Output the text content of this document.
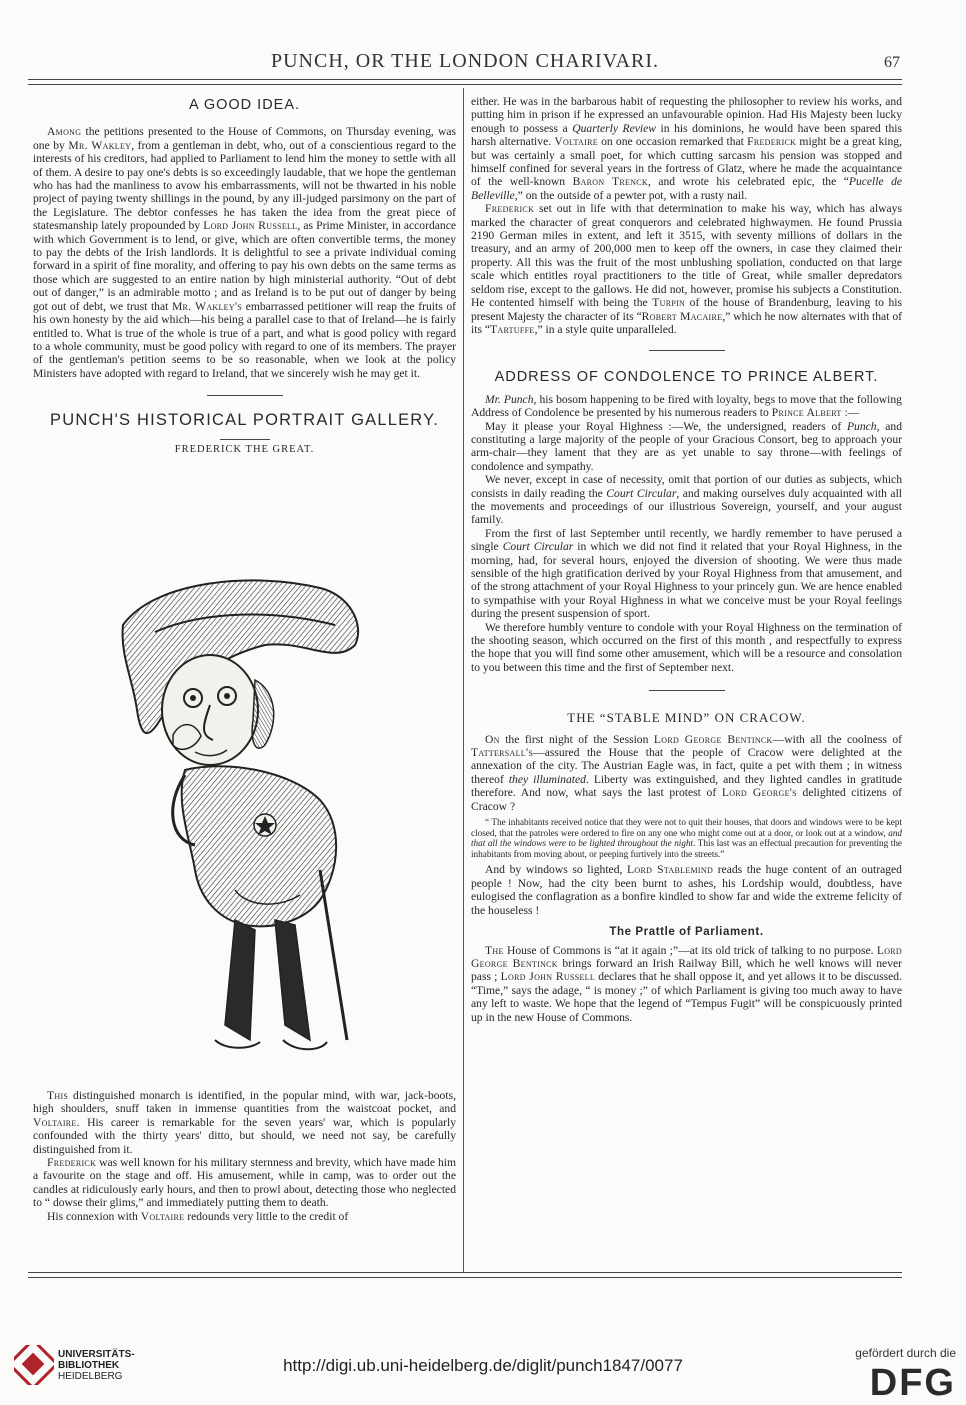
PUNCH, OR THE LONDON CHARIVARI.	67
A GOOD IDEA.

Among the petitions presented to the House of Commons, on Thursday evening, was one by Mr. Wakley, from a gentleman in debt, who, out of a conscientious regard to the interests of his creditors, had applied to Parliament to lend him the money to settle with all of them. A desire to pay one's debts is so exceedingly laudable, that we hope the gentleman who has had the manliness to avow his embarrassments, will not be thwarted in his noble project of paying twenty shillings in the pound, by any ill-judged parsimony on the part of the Legislature. The debtor confesses he has taken the idea from the great piece of statesmanship lately propounded by Lord John Russell, as Prime Minister, in accordance with which Government is to lend, or give, which are often convertible terms, the money to pay the debts of the Irish landlords. It is delightful to see a private individual coming forward in a spirit of fine morality, and offering to pay his own debts on the same terms as those which are suggested to an entire nation by high ministerial authority. “Out of debt out of danger,” is an admirable motto ; and as Ireland is to be put out of danger by being got out of debt, we trust that Mr. Wakley's embarrassed petitioner will reap the fruits of his own honesty by the aid which—his being a parallel case to that of Ireland—he is fairly entitled to. What is true of the whole is true of a part, and what is good policy with regard to a whole community, must be good policy with regard to one of its members. The prayer of the gentleman's petition seems to be so reasonable, when we look at the policy Ministers have adopted with regard to Ireland, that we sincerely wish he may get it.

PUNCH'S HISTORICAL PORTRAIT GALLERY.
FREDERICK THE GREAT.

This distinguished monarch is identified, in the popular mind, with war, jack-boots, high shoulders, snuff taken in immense quantities from the waistcoat pocket, and Voltaire. His career is remarkable for the seven years' war, which is popularly confounded with the thirty years' ditto, but should, we need not say, be carefully distinguished from it.

Frederick was well known for his military sternness and brevity, which have made him a favourite on the stage and off. His amusement, while in camp, was to order out the candles at ridiculously early hours, and then to prowl about, detecting those who neglected to “ dowse their glims,” and immediately putting them to death.

His connexion with Voltaire redounds very little to the credit of

either. He was in the barbarous habit of requesting the philosopher to review his works, and putting him in prison if he expressed an unfavourable opinion. Had His Majesty been lucky enough to possess a Quarterly Review in his dominions, he would have been spared this harsh alternative. Voltaire on one occasion remarked that Frederick might be a great king, but was certainly a small poet, for which cutting sarcasm his pension was stopped and himself confined for several years in the fortress of Glatz, where he made the acquaintance of the well-known Baron Trenck, and wrote his celebrated epic, the “Pucelle de Belleville,” on the outside of a pewter pot, with a rusty nail.

Frederick set out in life with that determination to make his way, which has always marked the character of great conquerors and celebrated highwaymen. He found Prussia 2190 German miles in extent, and left it 3515, with seventy millions of dollars in the treasury, and an army of 200,000 men to keep off the owners, in case they claimed their property. All this was the fruit of the most unblushing spoliation, conducted on that large scale which entitles royal practitioners to the title of Great, while smaller depredators seldom rise, except to the gallows. He did not, however, promise his subjects a Constitution. He contented himself with being the Turpin of the house of Brandenburg, leaving to his present Majesty the character of its “Robert Macaire,” which he now alternates with that of its “Tartuffe,” in a style quite unparalleled.

ADDRESS OF CONDOLENCE TO PRINCE ALBERT.

Mr. Punch, his bosom happening to be fired with loyalty, begs to move that the following Address of Condolence be presented by his numerous readers to Prince Albert :—

May it please your Royal Highness :—We, the undersigned, readers of Punch, and constituting a large majority of the people of your Gracious Consort, beg to approach your arm-chair—they lament that they are as yet unable to say throne—with feelings of condolence and sympathy.

We never, except in case of necessity, omit that portion of our duties as subjects, which consists in daily reading the Court Circular, and making ourselves duly acquainted with all the movements and proceedings of our illustrious Sovereign, yourself, and your august family.

From the first of last September until recently, we hardly remember to have perused a single Court Circular in which we did not find it related that your Royal Highness, in the morning, had, for several hours, enjoyed the diversion of shooting. We were thus made sensible of the high gratification derived by your Royal Highness from that amusement, and of the strong attachment of your Royal Highness to your princely gun. We are hence enabled to sympathise with your Royal Highness in what we conceive must be your Royal feelings during the present suspension of sport.

We therefore humbly venture to condole with your Royal Highness on the termination of the shooting season, which occurred on the first of this month , and respectfully to express the hope that you will find some other amusement, which will be a resource and consolation to you between this time and the first of September next.

THE “STABLE MIND” ON CRACOW.

On the first night of the Session Lord George Bentinck—with all the coolness of Tattersall's—assured the House that the people of Cracow were delighted at the annexation of the city. The Austrian Eagle was, in fact, quite a pet with them ; in witness thereof they illuminated. Liberty was extinguished, and they lighted candles in gratitude therefore. And now, what says the last protest of Lord George's delighted citizens of Cracow ?

“ The inhabitants received notice that they were not to quit their houses, that doors and windows were to be kept closed, that the patroles were ordered to fire on any one who might come out at a door, or look out at a window, and that all the windows were to be lighted throughout the night. This last was an effectual precaution for preventing the inhabitants from moving about, or peeping furtively into the streets.”

And by windows so lighted, Lord Stablemind reads the huge content of an outraged people ! Now, had the city been burnt to ashes, his Lordship would, doubtless, have eulogised the conflagration as a bonfire kindled to show far and wide the extreme felicity of the houseless !

The Prattle of Parliament.

The House of Commons is “at it again ;”—at its old trick of talking to no purpose. Lord George Bentinck brings forward an Irish Railway Bill, which he well knows will never pass ; Lord John Russell declares that he shall oppose it, and yet allows it to be discussed. “Time,” says the adage, “ is money ;” of which Parliament is giving too much away to have any left to waste. We hope that the legend of “Tempus Fugit” will be conspicuously printed up in the new House of Commons.

UNIVERSITÄTS-
BIBLIOTHEK
HEIDELBERG
http://digi.ub.uni-heidelberg.de/diglit/punch1847/0077
gefördert durch die
DFG
